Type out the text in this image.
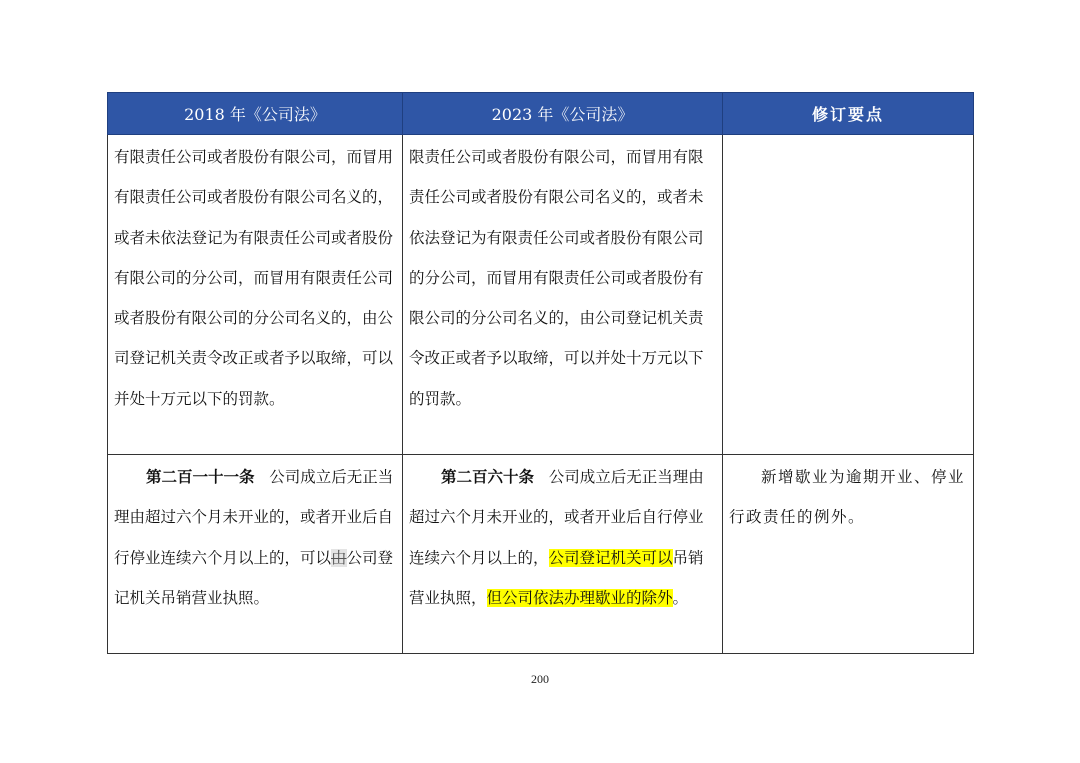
2018 年《公司法》	2023 年《公司法》	修订要点
有限责任公司或者股份有限公司，而冒用有限责任公司或者股份有限公司名义的，或者未依法登记为有限责任公司或者股份有限公司的分公司，而冒用有限责任公司或者股份有限公司的分公司名义的，由公司登记机关责令改正或者予以取缔，可以并处十万元以下的罚款。	限责任公司或者股份有限公司，而冒用有限责任公司或者股份有限公司名义的，或者未依法登记为有限责任公司或者股份有限公司的分公司，而冒用有限责任公司或者股份有限公司的分公司名义的，由公司登记机关责令改正或者予以取缔，可以并处十万元以下的罚款。	
第二百一十一条 公司成立后无正当理由超过六个月未开业的，或者开业后自行停业连续六个月以上的，可以由公司登记机关吊销营业执照。	第二百六十条 公司成立后无正当理由超过六个月未开业的，或者开业后自行停业连续六个月以上的，公司登记机关可以吊销营业执照，但公司依法办理歇业的除外。	新增歇业为逾期开业、停业行政责任的例外。
200
